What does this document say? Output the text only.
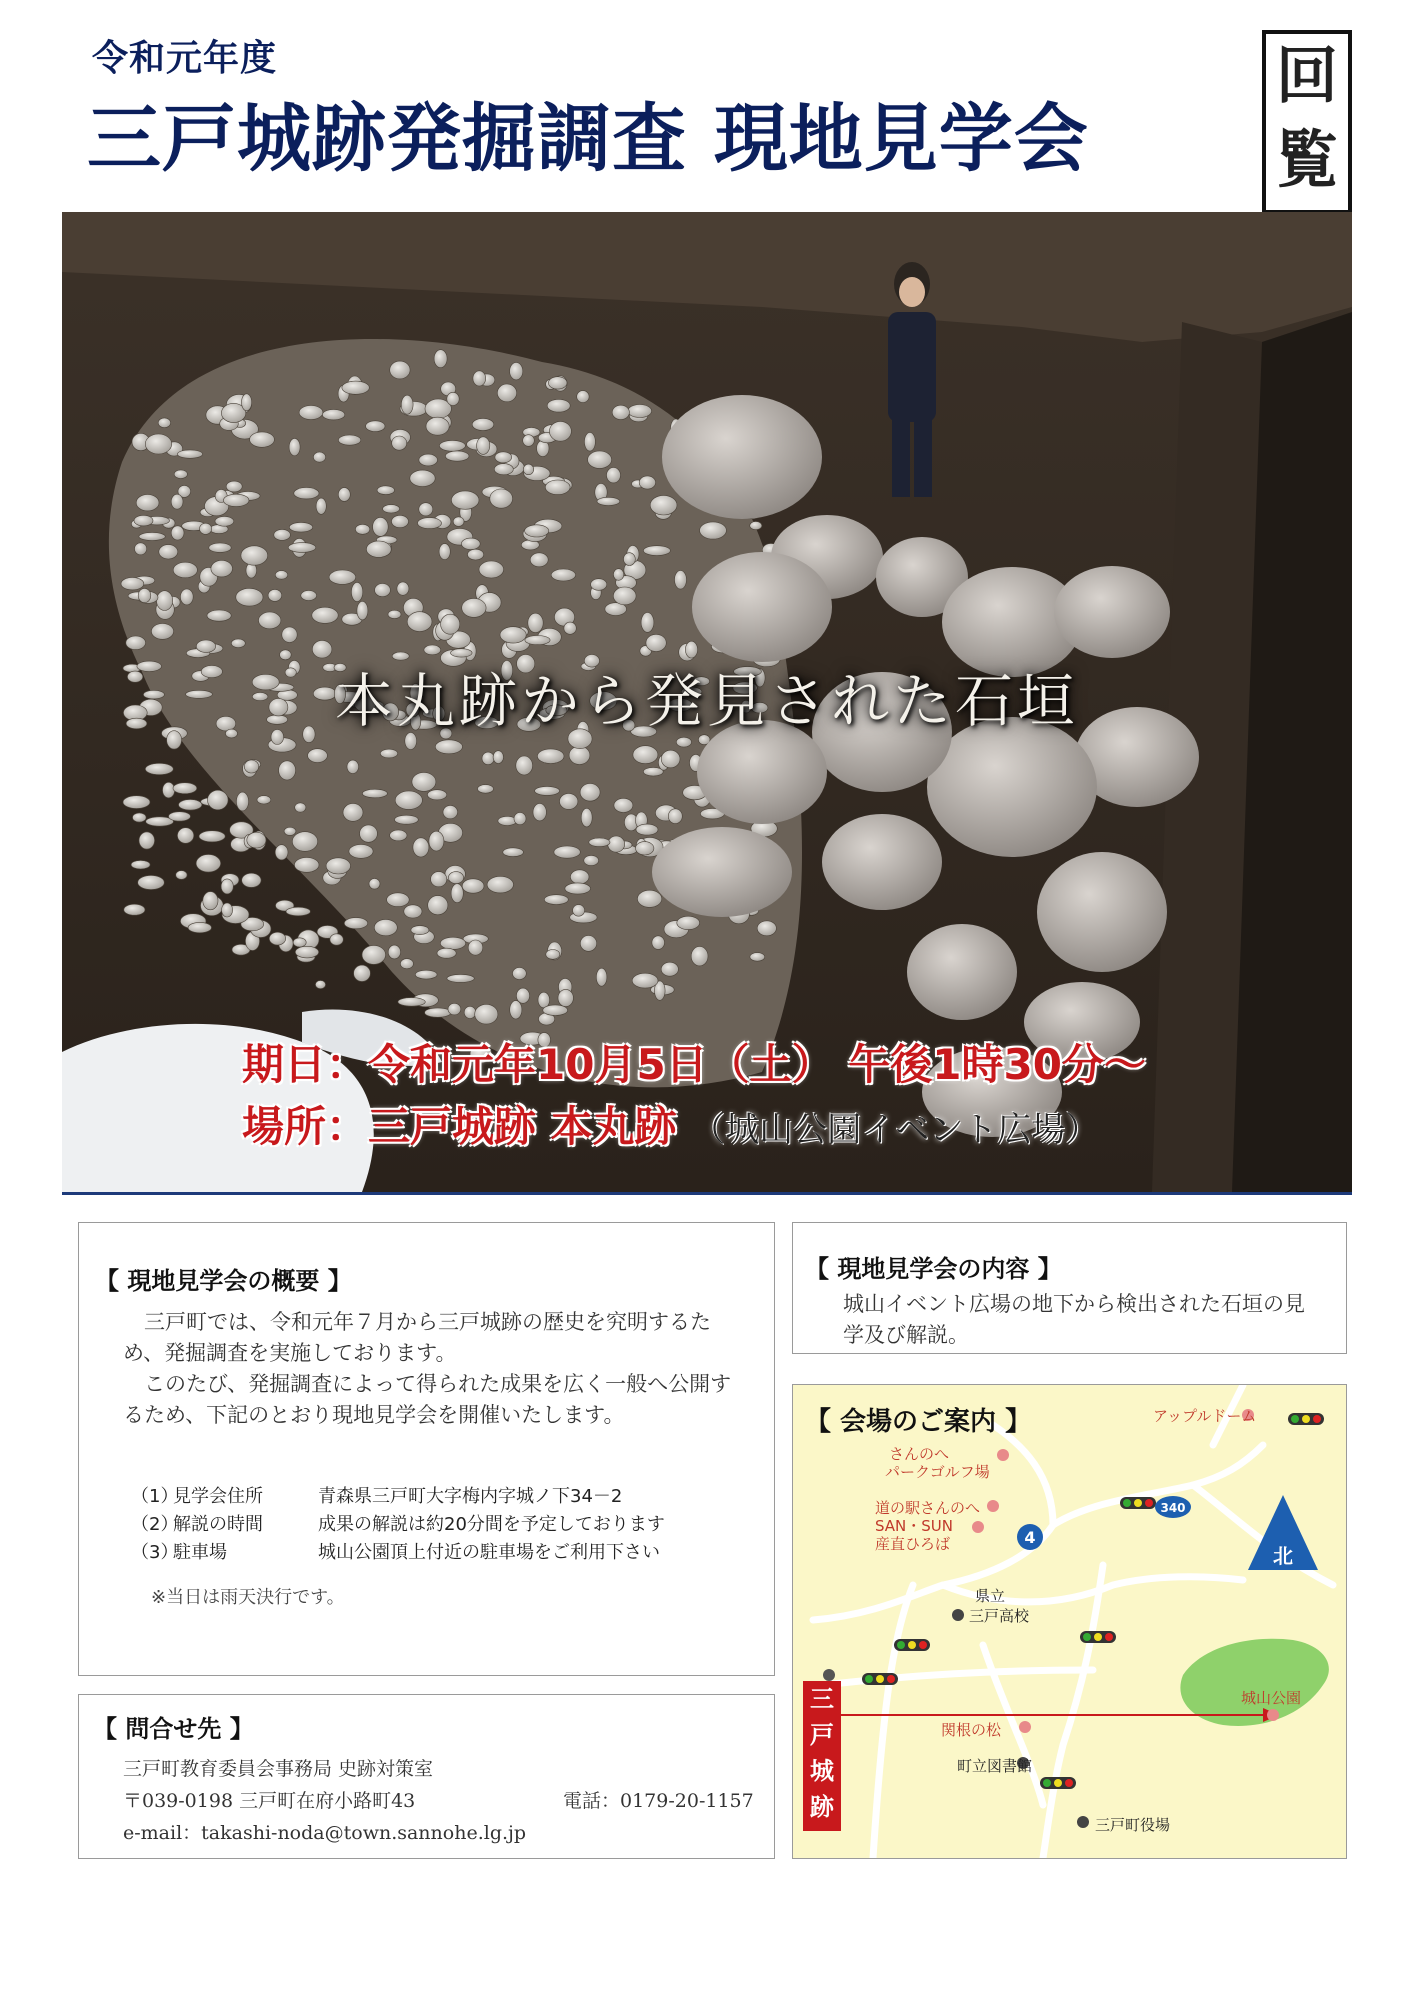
令和元年度
三戸城跡発掘調査 現地見学会
回
覧
本丸跡から発見された石垣
期日：令和元年10月5日（土） 午後1時30分～
場所：三戸城跡 本丸跡 （城山公園イベント広場）
【 現地見学会の概要 】
三戸町では、令和元年７月から三戸城跡の歴史を究明するため、発掘調査を実施しております。
このたび、発掘調査によって得られた成果を広く一般へ公開するため、下記のとおり現地見学会を開催いたします。
（1）見学会住所	青森県三戸町大字梅内字城ノ下34－2
（2）解説の時間	成果の解説は約20分間を予定しております
（3）駐車場	城山公園頂上付近の駐車場をご利用下さい
※当日は雨天決行です。
【 問合せ先 】
三戸町教育委員会事務局 史跡対策室
〒039-0198 三戸町在府小路町43	電話：0179-20-1157
e-mail：takashi-noda@town.sannohe.lg.jp
【 現地見学会の内容 】
城山イベント広場の地下から検出された石垣の見学及び解説。
4
340
北
【 会場のご案内 】	アップルドーム
さんのへ
パークゴルフ場
道の駅さんのへ
SAN・SUN
産直ひろば
県立
三戸高校
城山公園
関根の松
町立図書館
三戸町役場
三
戸
城
跡
